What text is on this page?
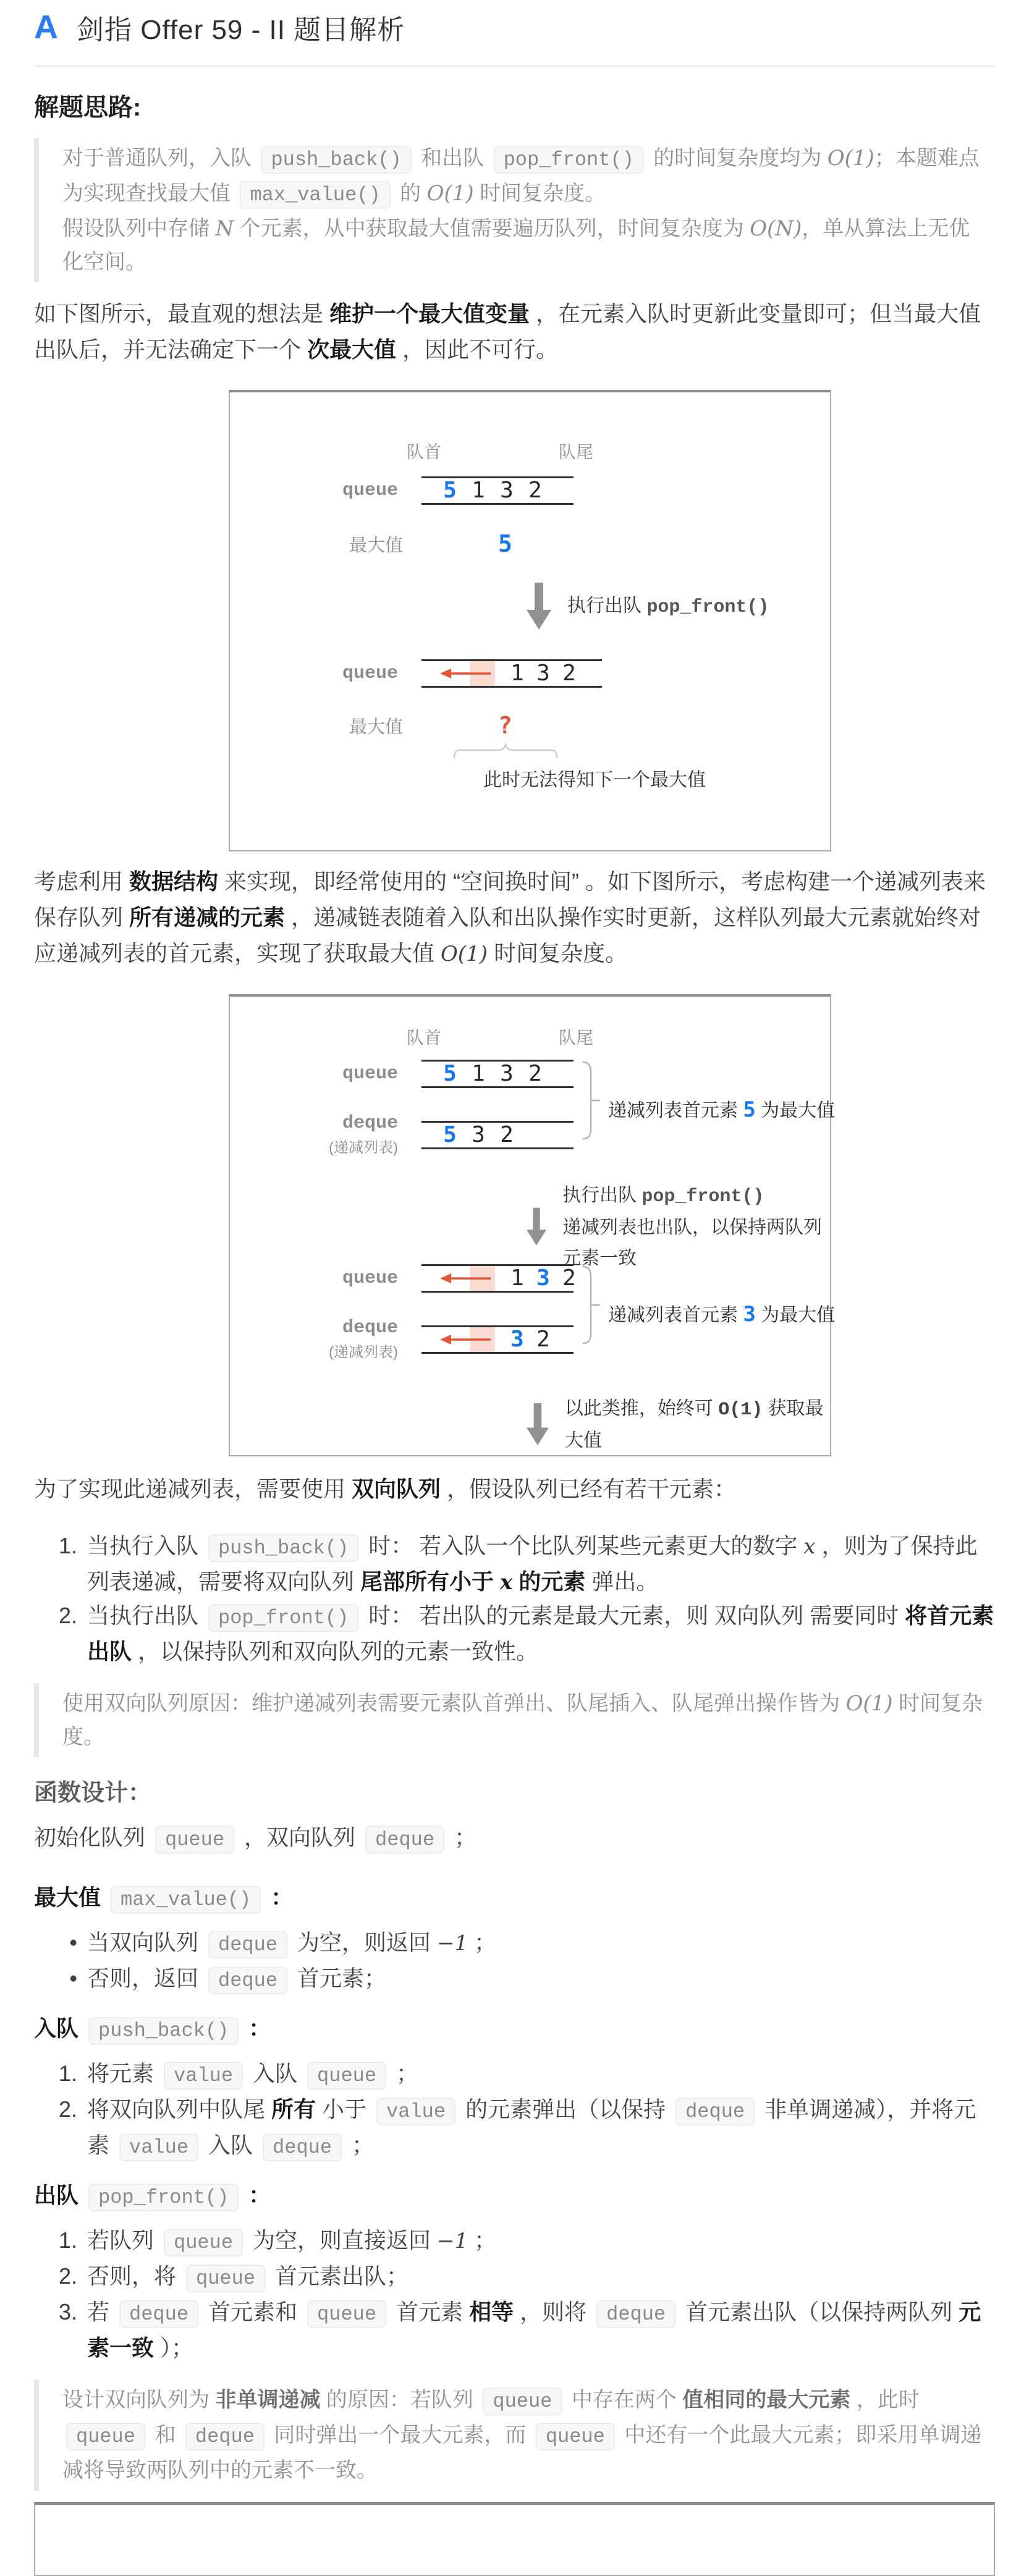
A 剑指 Offer 59 - II 题目解析
解题思路:

对于普通队列，入队 push_back() 和出队 pop_front() 的时间复杂度均为 O(1)；本题难点为实现查找最大值 max_value() 的 O(1) 时间复杂度。

假设队列中存储 N 个元素，从中获取最大值需要遍历队列，时间复杂度为 O(N)，单从算法上无优化空间。

如下图所示，最直观的想法是 维护一个最大值变量 ，在元素入队时更新此变量即可；但当最大值出队后，并无法确定下一个 次最大值 ，因此不可行。

队首	队尾
queue	5 1 3 2
最大值	5
执行出队 pop_front()
queue	1 3 2
最大值	?
此时无法得知下一个最大值

考虑利用 数据结构 来实现，即经常使用的 “空间换时间” 。如下图所示，考虑构建一个递减列表来保存队列 所有递减的元素 ，递减链表随着入队和出队操作实时更新，这样队列最大元素就始终对应递减列表的首元素，实现了获取最大值 O(1) 时间复杂度。

队首	队尾
queue	5 1 3 2
deque
(递减列表)
5 3 2
递减列表首元素 5 为最大值
执行出队 pop_front()
递减列表也出队，以保持两队列元素一致
queue	1 3 2
deque
(递减列表)
3 2
递减列表首元素 3 为最大值
以此类推，始终可 O(1) 获取最大值

为了实现此递减列表，需要使用 双向队列 ，假设队列已经有若干元素：

1. 当执行入队 push_back() 时： 若入队一个比队列某些元素更大的数字 x ，则为了保持此列表递减，需要将双向队列 尾部所有小于 x 的元素 弹出。
2. 当执行出队 pop_front() 时： 若出队的元素是最大元素，则 双向队列 需要同时 将首元素出队 ，以保持队列和双向队列的元素一致性。

使用双向队列原因：维护递减列表需要元素队首弹出、队尾插入、队尾弹出操作皆为 O(1) 时间复杂度。

函数设计：

初始化队列 queue ，双向队列 deque ；

最大值 max_value() ：
• 当双向队列 deque 为空，则返回 −1 ；
• 否则，返回 deque 首元素；
入队 push_back() ：
1. 将元素 value 入队 queue ；
2. 将双向队列中队尾 所有 小于 value 的元素弹出（以保持 deque 非单调递减），并将元素 value 入队 deque ；
出队 pop_front() ：
1. 若队列 queue 为空，则直接返回 −1 ；
2. 否则，将 queue 首元素出队；
3. 若 deque 首元素和 queue 首元素 相等 ，则将 deque 首元素出队（以保持两队列 元素一致 ）；

设计双向队列为 非单调递减 的原因：若队列 queue 中存在两个 值相同的最大元素 ，此时 queue 和 deque 同时弹出一个最大元素，而 queue 中还有一个此最大元素；即采用单调递减将导致两队列中的元素不一致。
